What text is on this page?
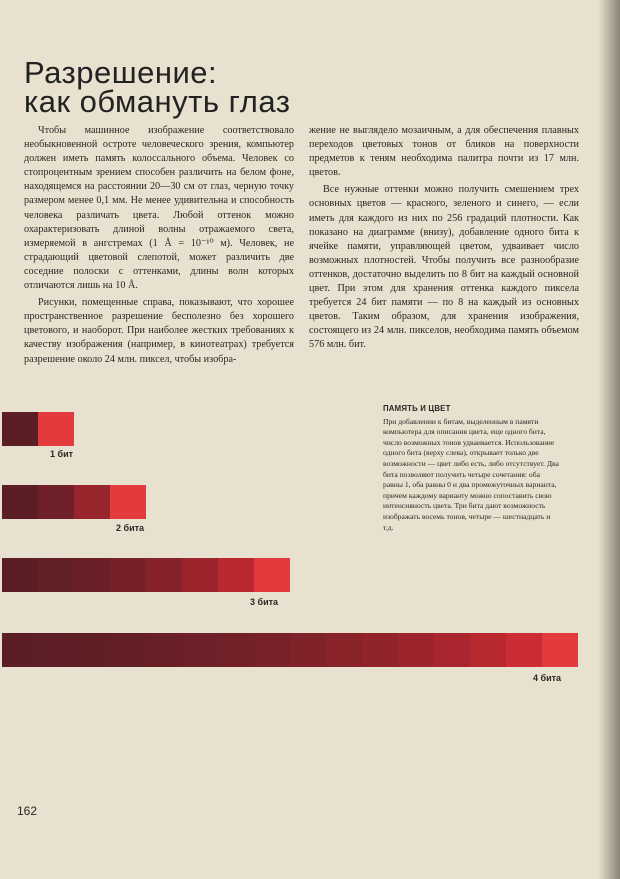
Разрешение:
как обмануть глаз

Чтобы машинное изображение соответствовало необыкновенной остроте человеческого зрения, компьютер должен иметь память колоссального объема. Человек со стопроцентным зрением способен различить на белом фоне, находящемся на расстоянии 20—30 см от глаз, черную точку размером менее 0,1 мм. Не менее удивительна и способность человека различать цвета. Любой оттенок можно охарактеризовать длиной волны отражаемого света, измеряемой в ангстремах (1 Å = 10⁻¹⁰ м). Человек, не страдающий цветовой слепотой, может различить две соседние полоски с оттенками, длины волн которых отличаются лишь на 10 Å.

Рисунки, помещенные справа, показывают, что хорошее пространственное разрешение бесполезно без хорошего цветового, и наоборот. При наиболее жестких требованиях к качеству изображения (например, в кинотеатрах) требуется разрешение около 24 млн. пиксел, чтобы изобра-

жение не выглядело мозаичным, а для обеспечения плавных переходов цветовых тонов от бликов на поверхности предметов к теням необходима палитра почти из 17 млн. цветов.

Все нужные оттенки можно получить смешением трех основных цветов — красного, зеленого и синего, — если иметь для каждого из них по 256 градаций плотности. Как показано на диаграмме (внизу), добавление одного бита к ячейке памяти, управляющей цветом, удваивает число возможных плотностей. Чтобы получить все разнообразие оттенков, достаточно выделить по 8 бит на каждый основной цвет. При этом для хранения оттенка каждого пиксела требуется 24 бит памяти — по 8 на каждый из основных цветов. Таким образом, для хранения изображения, состоящего из 24 млн. пикселов, необходима память объемом 576 млн. бит.

ПАМЯТЬ И ЦВЕТ
При добавлении к битам, выделенным в памяти компьютера для описания цвета, еще одного бита, число возможных тонов удваивается. Использование одного бита (верху слева), открывает только две возможности — цвет либо есть, либо отсутствует. Два бита позволяют получить четыре сочетания: оба равны 1, оба равны 0 и два промежуточных варианта, причем каждому варианту можно сопоставить свою интенсивность цвета. Три бита дают возможность изображать восемь тонов, четыре — шестнадцать и т.д.
1 бит
2 бита
3 бита
4 бита
162
